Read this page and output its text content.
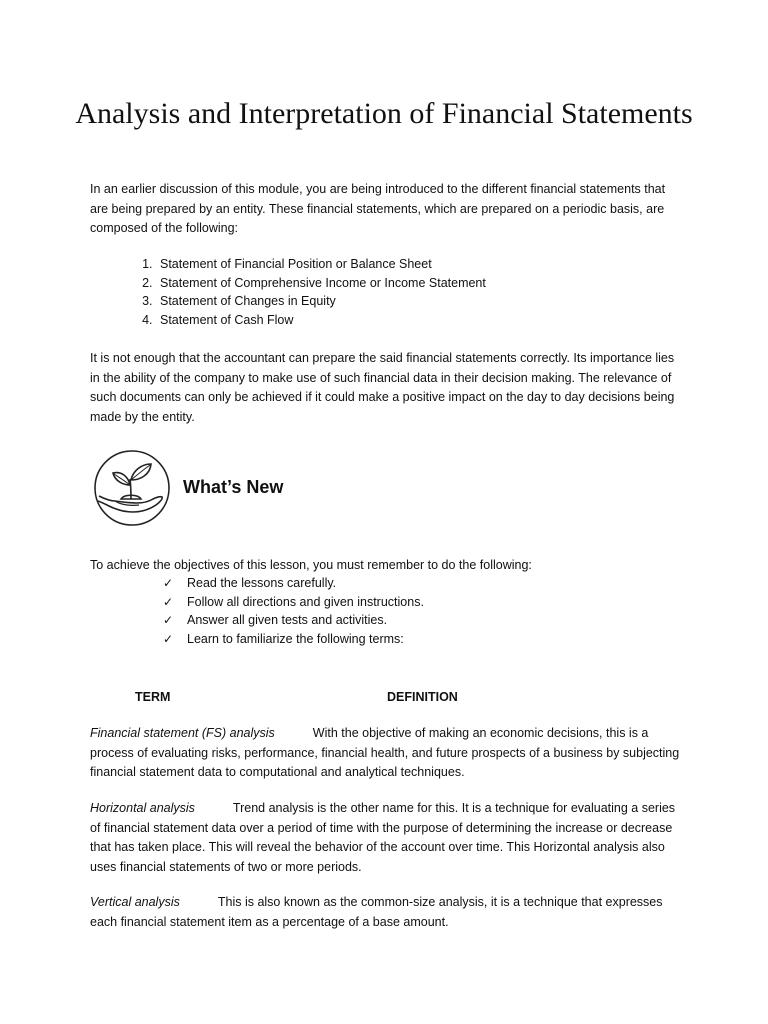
Analysis and Interpretation of Financial Statements

In an earlier discussion of this module, you are being introduced to the different financial statements that are being prepared by an entity. These financial statements, which are prepared on a periodic basis, are composed of the following:

1. Statement of Financial Position or Balance Sheet
2. Statement of Comprehensive Income or Income Statement
3. Statement of Changes in Equity
4. Statement of Cash Flow

It is not enough that the accountant can prepare the said financial statements correctly. Its importance lies in the ability of the company to make use of such financial data in their decision making. The relevance of such documents can only be achieved if it could make a positive impact on the day to day decisions being made by the entity.

What’s New

To achieve the objectives of this lesson, you must remember to do the following:

✓ Read the lessons carefully.
✓ Follow all directions and given instructions.
✓ Answer all given tests and activities.
✓ Learn to familiarize the following terms:

TERM	DEFINITION

Financial statement (FS) analysis	With the objective of making an economic decisions, this is a process of evaluating risks, performance, financial health, and future prospects of a business by subjecting financial statement data to computational and analytical techniques.

Horizontal analysis	Trend analysis is the other name for this. It is a technique for evaluating a series of financial statement data over a period of time with the purpose of determining the increase or decrease that has taken place. This will reveal the behavior of the account over time. This Horizontal analysis also uses financial statements of two or more periods.

Vertical analysis	This is also known as the common-size analysis, it is a technique that expresses each financial statement item as a percentage of a base amount.
